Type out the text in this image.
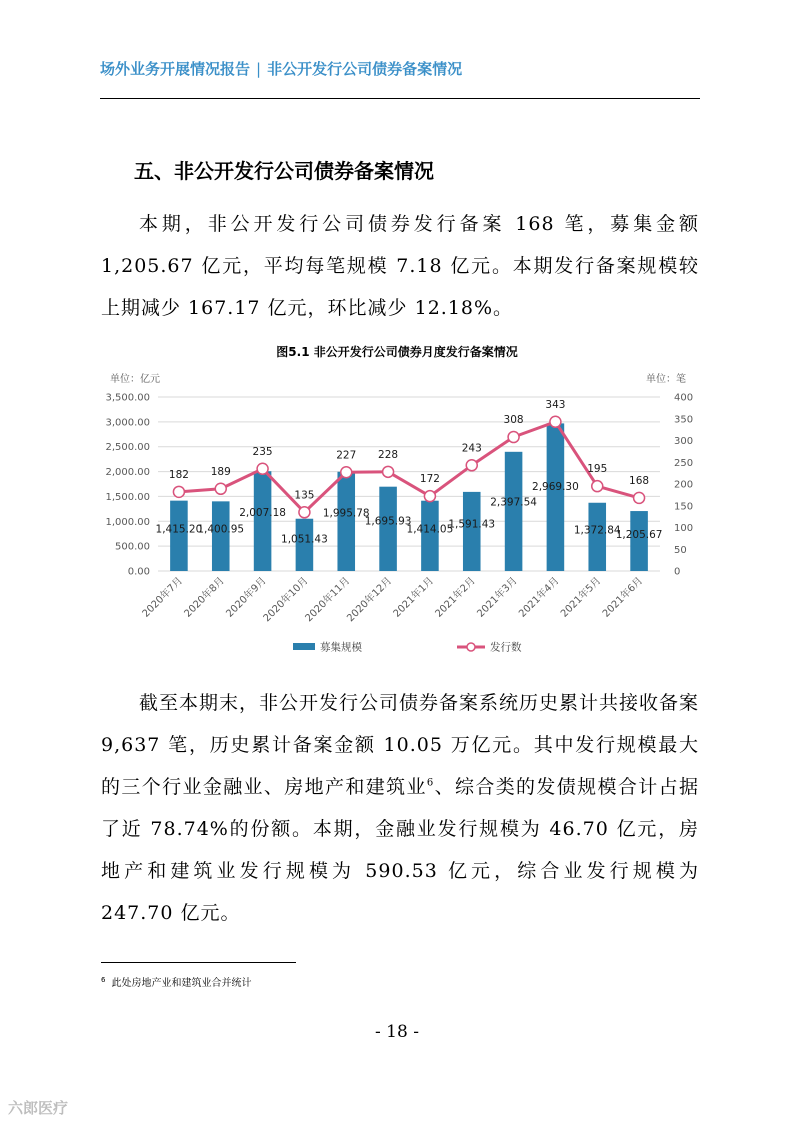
场外业务开展情况报告 | 非公开发行公司债券备案情况
五、非公开发行公司债券备案情况

本期，非公开发行公司债券发行备案 168 笔，募集金额 1,205.67 亿元，平均每笔规模 7.18 亿元。本期发行备案规模较上期减少 167.17 亿元，环比减少 12.18%。

图5.1 非公开发行公司债券月度发行备案情况
0.00
500.00
1,000.00
1,500.00
2,000.00
2,500.00
3,000.00
3,500.00
0
50
100
150
200
250
300
350
400
单位：亿元	单位：笔
2020年7月
2020年8月
2020年9月
2020年10月
2020年11月
2020年12月
2021年1月
2021年2月
2021年3月
2021年4月
2021年5月
2021年6月
1,415.20
1,400.95
2,007.18
1,051.43
1,995.78
1,695.93
1,414.05
1,591.43
2,397.54
2,969.30
1,372.84
1,205.67
182 189
235
135
227 228
172
243
308
343
195
168
募集规模	发行数

截至本期末，非公开发行公司债券备案系统历史累计共接收备案 9,637 笔，历史累计备案金额 10.05 万亿元。其中发行规模最大的三个行业金融业、房地产和建筑业$^6$、综合类的发债规模合计占据了近 78.74%的份额。本期，金融业发行规模为 46.70 亿元，房地产和建筑业发行规模为 590.53 亿元，综合业发行规模为 247.70 亿元。

$^6$ 此处房地产业和建筑业合并统计
- 18 -
六郎医疗
